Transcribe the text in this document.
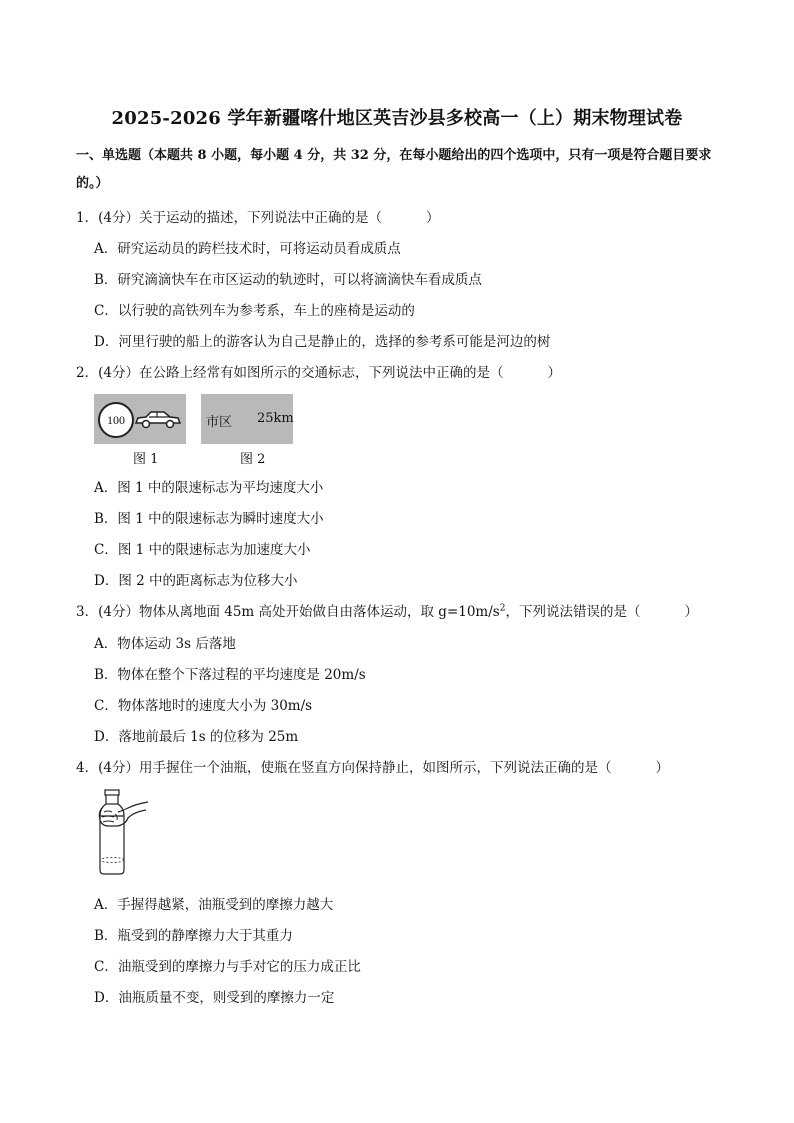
2025-2026 学年新疆喀什地区英吉沙县多校高一（上）期末物理试卷
一、单选题（本题共 8 小题，每小题 4 分，共 32 分，在每小题给出的四个选项中，只有一项是符合题目要求的。）
1．(4分）关于运动的描述，下列说法中正确的是（	）
A．研究运动员的跨栏技术时，可将运动员看成质点
B．研究滴滴快车在市区运动的轨迹时，可以将滴滴快车看成质点
C．以行驶的高铁列车为参考系，车上的座椅是运动的
D．河里行驶的船上的游客认为自己是静止的，选择的参考系可能是河边的树
2．(4分）在公路上经常有如图所示的交通标志，下列说法中正确的是（	）
100	市区 25km
图 1	图 2
A．图 1 中的限速标志为平均速度大小
B．图 1 中的限速标志为瞬时速度大小
C．图 1 中的限速标志为加速度大小
D．图 2 中的距离标志为位移大小
3．(4分）物体从离地面 45m 高处开始做自由落体运动，取 $g=10m/s^2$，下列说法错误的是（	）
A．物体运动 3s 后落地
B．物体在整个下落过程的平均速度是 20m/s
C．物体落地时的速度大小为 30m/s
D．落地前最后 1s 的位移为 25m
4．(4分）用手握住一个油瓶，使瓶在竖直方向保持静止，如图所示，下列说法正确的是（	）
A．手握得越紧，油瓶受到的摩擦力越大
B．瓶受到的静摩擦力大于其重力
C．油瓶受到的摩擦力与手对它的压力成正比
D．油瓶质量不变，则受到的摩擦力一定
